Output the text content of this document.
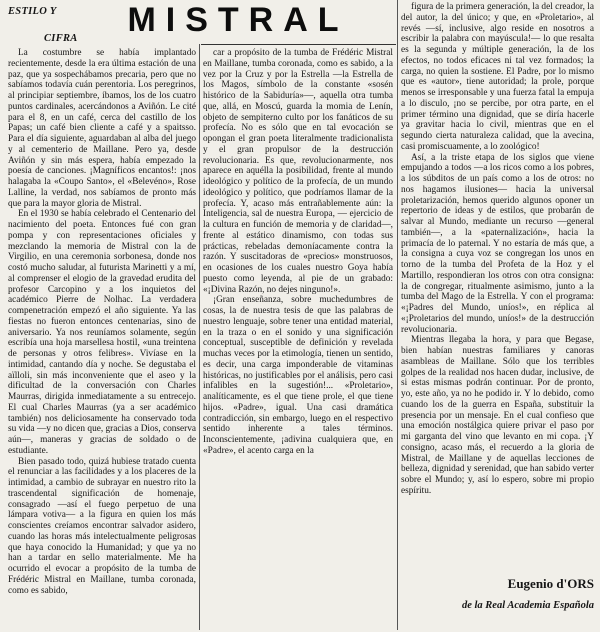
ESTILO Y
CIFRA	MISTRAL

La costumbre se había implantado recientemente, desde la era última estación de una paz, que ya sospechábamos precaria, pero que no sabíamos todavía cuán perentoria. Los peregrinos, al principiar septiembre, íbamos, los de los cuatro puntos cardinales, acercándonos a Aviñón. Le cité para el 8, en un café, cerca del castillo de los Papas; un café bien cliente a café y a spaitsso. Para el día siguiente, aguardaban al alba del juego y al cementerio de Maillane. Pero ya, desde Aviñón y sin más espera, había empezado la poesía de canciones. ¡Magníficos encantos!: ¡nos halagaba la «Coupo Santo», el «Belevéno», Rose Lalline, la verdad, nos sabíamos de pronto más que para la mayor gloria de Mistral.

En el 1930 se había celebrado el Centenario del nacimiento del poeta. Entonces fué con gran pompa y con representaciones oficiales y mezclando la memoria de Mistral con la de Virgilio, en una ceremonia sorbonesa, donde nos costó mucho saludar, al futurista Marinetti y a mí, al comprenser el elogio de la gravedad erudita del profesor Carcopino y a los inquietos del académico Pierre de Nolhac. La verdadera compenetración empezó el año siguiente. Ya las fiestas no fueron entonces centenarias, sino de aniversario. Ya nos reuníamos solamente, según escribía una hoja marsellesa hostil, «una treintena de personas y otros felibres». Vivíase en la intimidad, cantando día y noche. Se degustaba el aïlloli, sin más inconveniente que el aseo y la dificultad de la conversación con Charles Maurras, dirigida inmediatamente a su entrecejo. El cual Charles Maurras (ya a ser académico también) nos deliciosamente ha conservado toda su vida —y no dicen que, gracias a Dios, conserva aún—, maneras y gracias de soldado o de estudiante.

Bien pasado todo, quizá hubiese tratado cuenta el renunciar a las facilidades y a los placeres de la intimidad, a cambio de subrayar en nuestro rito la trascendental significación de homenaje, consagrado —así el fuego perpetuo de una lámpara votiva— a la figura en quien los más conscientes creíamos encontrar salvador asidero, cuando las horas más intelectualmente peligrosas que haya conocido la Humanidad; y que ya no han a tardar en sello materialmente. Me ha ocurrido el evocar a propósito de la tumba de Frédéric Mistral en Maillane, tumba coronada, como es sabido,

car a propósito de la tumba de Frédéric Mistral en Maillane, tumba coronada, como es sabido, a la vez por la Cruz y por la Estrella —la Estrella de los Magos, símbolo de la constante «sosén histórico de la Sabiduría»—, aquella otra tumba que, allá, en Moscú, guarda la momia de Lenín, objeto de sempiterno culto por los fanáticos de su profecía. No es sólo que en tal evocación se opongan el gran poeta literalmente tradicionalista y el gran propulsor de la destrucción revolucionaria. Es que, revolucionarmente, nos aparece en aquélla la posibilidad, frente al mundo ideológico y político de la profecía, de un mundo ideológico y político, que podríamos llamar de la profecía. Y, acaso más entrañablemente aún: la Inteligencia, sal de nuestra Europa, — ejercicio de la cultura en función de memoria y de claridad—, frente al estático dinamismo, con todas sus prácticas, rebeladas demoníacamente contra la razón. Y suscitadoras de «precios» monstruosos, en ocasiones de los cuales nuestro Goya había puesto como leyenda, al pie de un grabado: «¡Divina Razón, no dejes ninguno!».

¡Gran enseñanza, sobre muchedumbres de cosas, la de nuestra tesis de que las palabras de nuestro lenguaje, sobre tener una entidad material, en la traza o en el sonido y una significación conceptual, susceptible de definición y revelada muchas veces por la etimología, tienen un sentido, es decir, una carga imponderable de vitaminas históricas, no justificables por el análisis, pero casi infalibles en la sugestión!... «Proletario», analíticamente, es el que tiene prole, el que tiene hijos. «Padre», igual. Una casi dramática contradicción, sin embargo, luego en el respectivo sentido inherente a tales términos. Inconscientemente, ¡adivina cualquiera que, en «Padre», el acento carga en la

figura de la primera generación, la del creador, la del autor, la del único; y que, en «Proletario», al revés —sí, inclusive, algo reside en nosotros a escribir la palabra con mayúscula!— lo que resalta es la segunda y múltiple generación, la de los efectos, no todos eficaces ni tal vez formados; la carga, no quien la sostiene. El Padre, por lo mismo que es «autor», tiene autoridad; la prole, porque menos se irresponsable y una fuerza fatal la empuja a lo disculo, ¡no se percibe, por otra parte, en el primer término una dignidad, que se diría hacerle ya gravitar hacia lo civil, mientras que en el segundo cierta naturaleza calidad, que la avecina, casi promiscuamente, a lo zoológico!

Así, a la triste etapa de los siglos que viene empujando a todos —a los ricos como a los pobres, a los súbditos de un país como a los de otros: no nos hagamos ilusiones— hacia la universal proletarización, hemos querido algunos oponer un repertorio de ideas y de estilos, que probarán de salvar al Mundo, mediante un recurso —general también—, a la «paternalización», hacia la primacía de lo paternal. Y no estaría de más que, a la consigna a cuya voz se congregan los unos en torno de la tumba del Profeta de la Hoz y el Martillo, respondieran los otros con otra consigna: la de congregar, ritualmente asimismo, junto a la tumba del Mago de la Estrella. Y con el programa: «¡Padres del Mundo, uníos!», en réplica al «¡Proletarios del mundo, uníos!» de la destrucción revolucionaria.

Mientras llegaba la hora, y para que Begase, bien habían nuestras familiares y canoras asambleas de Maillane. Sólo que los terribles golpes de la realidad nos hacen dudar, inclusive, de si estas mismas podrán continuar. Por de pronto, yo, este año, ya no he podido ir. Y lo debido, como cuando los de la guerra en España, substituir la presencia por un mensaje. En el cual confieso que una emoción nostálgica quiere privar el paso por mi garganta del vino que levanto en mi copa. ¡Y consigno, acaso más, el recuerdo a la gloria de Mistral, de Maillane y de aquellas lecciones de belleza, dignidad y serenidad, que han sabido verter sobre el Mundo; y, así lo espero, sobre mi propio espíritu.

Eugenio d'ORS
de la Real Academia Española
